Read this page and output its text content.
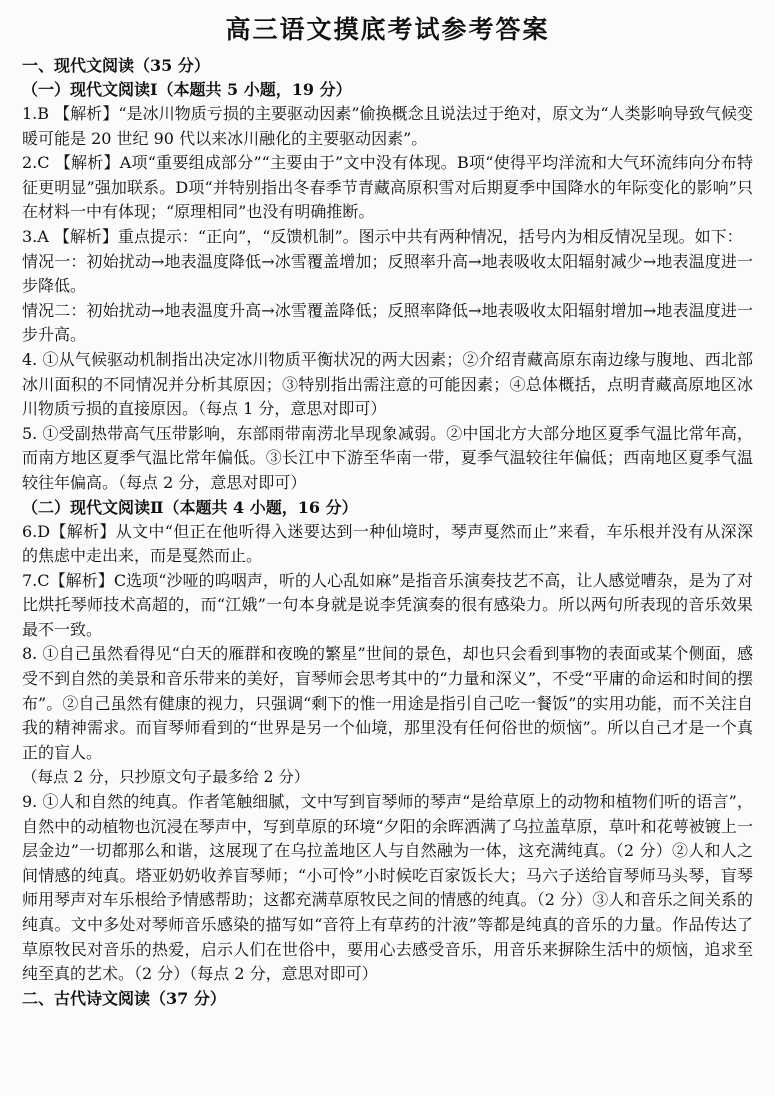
高三语文摸底考试参考答案

一、现代文阅读（35 分）

（一）现代文阅读Ⅰ（本题共 5 小题，19 分）

1.B 【解析】“是冰川物质亏损的主要驱动因素”偷换概念且说法过于绝对，原文为“人类影响导致气候变暖可能是 20 世纪 90 代以来冰川融化的主要驱动因素”。

2.C 【解析】A项“重要组成部分”“主要由于”文中没有体现。B项“使得平均洋流和大气环流纬向分布特征更明显”强加联系。D项“并特别指出冬春季节青藏高原积雪对后期夏季中国降水的年际变化的影响”只在材料一中有体现；“原理相同”也没有明确推断。

3.A 【解析】重点提示：“正向”，“反馈机制”。图示中共有两种情况，括号内为相反情况呈现。如下：

情况一：初始扰动→地表温度降低→冰雪覆盖增加；反照率升高→地表吸收太阳辐射减少→地表温度进一步降低。

情况二：初始扰动→地表温度升高→冰雪覆盖降低；反照率降低→地表吸收太阳辐射增加→地表温度进一步升高。

4. ①从气候驱动机制指出决定冰川物质平衡状况的两大因素；②介绍青藏高原东南边缘与腹地、西北部冰川面积的不同情况并分析其原因；③特别指出需注意的可能因素；④总体概括，点明青藏高原地区冰川物质亏损的直接原因。（每点 1 分，意思对即可）

5. ①受副热带高气压带影响，东部雨带南涝北旱现象减弱。②中国北方大部分地区夏季气温比常年高，而南方地区夏季气温比常年偏低。③长江中下游至华南一带，夏季气温较往年偏低；西南地区夏季气温较往年偏高。（每点 2 分，意思对即可）

（二）现代文阅读Ⅱ（本题共 4 小题，16 分）

6.D【解析】从文中“但正在他听得入迷要达到一种仙境时，琴声戛然而止”来看，车乐根并没有从深深的焦虑中走出来，而是戛然而止。

7.C【解析】C选项“沙哑的呜咽声，听的人心乱如麻”是指音乐演奏技艺不高，让人感觉嘈杂，是为了对比烘托琴师技术高超的，而“江娥”一句本身就是说李凭演奏的很有感染力。所以两句所表现的音乐效果最不一致。

8. ①自己虽然看得见“白天的雁群和夜晚的繁星”世间的景色，却也只会看到事物的表面或某个侧面，感受不到自然的美景和音乐带来的美好，盲琴师会思考其中的“力量和深义”，不受“平庸的命运和时间的摆布”。②自己虽然有健康的视力，只强调“剩下的惟一用途是指引自己吃一餐饭”的实用功能，而不关注自我的精神需求。而盲琴师看到的“世界是另一个仙境，那里没有任何俗世的烦恼”。所以自己才是一个真正的盲人。

（每点 2 分，只抄原文句子最多给 2 分）

9. ①人和自然的纯真。作者笔触细腻，文中写到盲琴师的琴声“是给草原上的动物和植物们听的语言”，自然中的动植物也沉浸在琴声中，写到草原的环境“夕阳的余晖洒满了乌拉盖草原，草叶和花萼被镀上一层金边”一切都那么和谐，这展现了在乌拉盖地区人与自然融为一体，这充满纯真。（2 分）②人和人之间情感的纯真。塔亚奶奶收养盲琴师；“小可怜”小时候吃百家饭长大；马六子送给盲琴师马头琴，盲琴师用琴声对车乐根给予情感帮助；这都充满草原牧民之间的情感的纯真。（2 分）③人和音乐之间关系的纯真。文中多处对琴师音乐感染的描写如“音符上有草药的汁液”等都是纯真的音乐的力量。作品传达了草原牧民对音乐的热爱，启示人们在世俗中，要用心去感受音乐，用音乐来摒除生活中的烦恼，追求至纯至真的艺术。（2 分）（每点 2 分，意思对即可）

二、古代诗文阅读（37 分）
